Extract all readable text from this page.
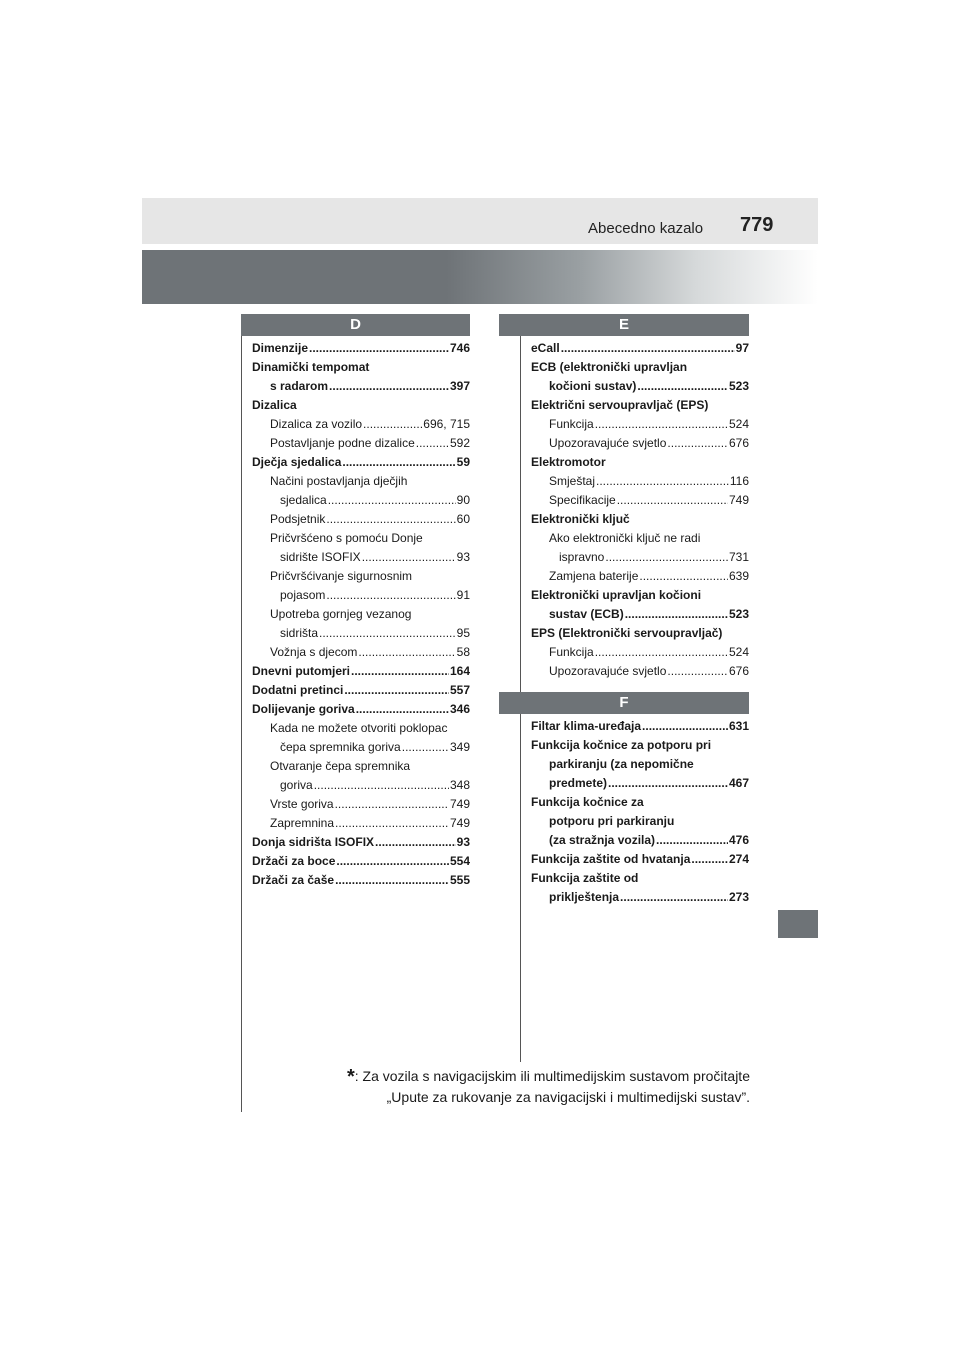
Abecedno kazalo 779
D	E
F
Dimenzije .....	746
Dinamički tempomat
s radarom .....	397
Dizalica
Dizalica za vozilo .....	696, 715
Postavljanje podne dizalice .....	592
Dječja sjedalica .....	59
Načini postavljanja dječjih
sjedalica .....	90
Podsjetnik .....	60
Pričvršćeno s pomoću Donje
sidrište ISOFIX .....	93
Pričvršćivanje sigurnosnim
pojasom .....	91
Upotreba gornjeg vezanog
sidrišta .....	95
Vožnja s djecom .....	58
Dnevni putomjeri .....	164
Dodatni pretinci .....	557
Dolijevanje goriva .....	346
Kada ne možete otvoriti poklopac
čepa spremnika goriva .....	349
Otvaranje čepa spremnika
goriva .....	348
Vrste goriva .....	749
Zapremnina .....	749
Donja sidrišta ISOFIX .....	93
Držači za boce .....	554
Držači za čaše .....	555
eCall .....	97
ECB (elektronički upravljan
kočioni sustav) .....	523
Električni servoupravljač (EPS)
Funkcija .....	524
Upozoravajuće svjetlo .....	676
Elektromotor
Smještaj .....	116
Specifikacije .....	749
Elektronički ključ
Ako elektronički ključ ne radi
ispravno .....	731
Zamjena baterije .....	639
Elektronički upravljan kočioni
sustav (ECB) .....	523
EPS (Elektronički servoupravljač)
Funkcija .....	524
Upozoravajuće svjetlo .....	676
Filtar klima-uređaja .....	631
Funkcija kočnice za potporu pri
parkiranju (za nepomične
predmete) .....	467
Funkcija kočnice za
potporu pri parkiranju
(za stražnja vozila) .....	476
Funkcija zaštite od hvatanja .....	274
Funkcija zaštite od
priklještenja .....	273
*: Za vozila s navigacijskim ili multimedijskim sustavom pročitajte
„Upute za rukovanje za navigacijski i multimedijski sustav”.
